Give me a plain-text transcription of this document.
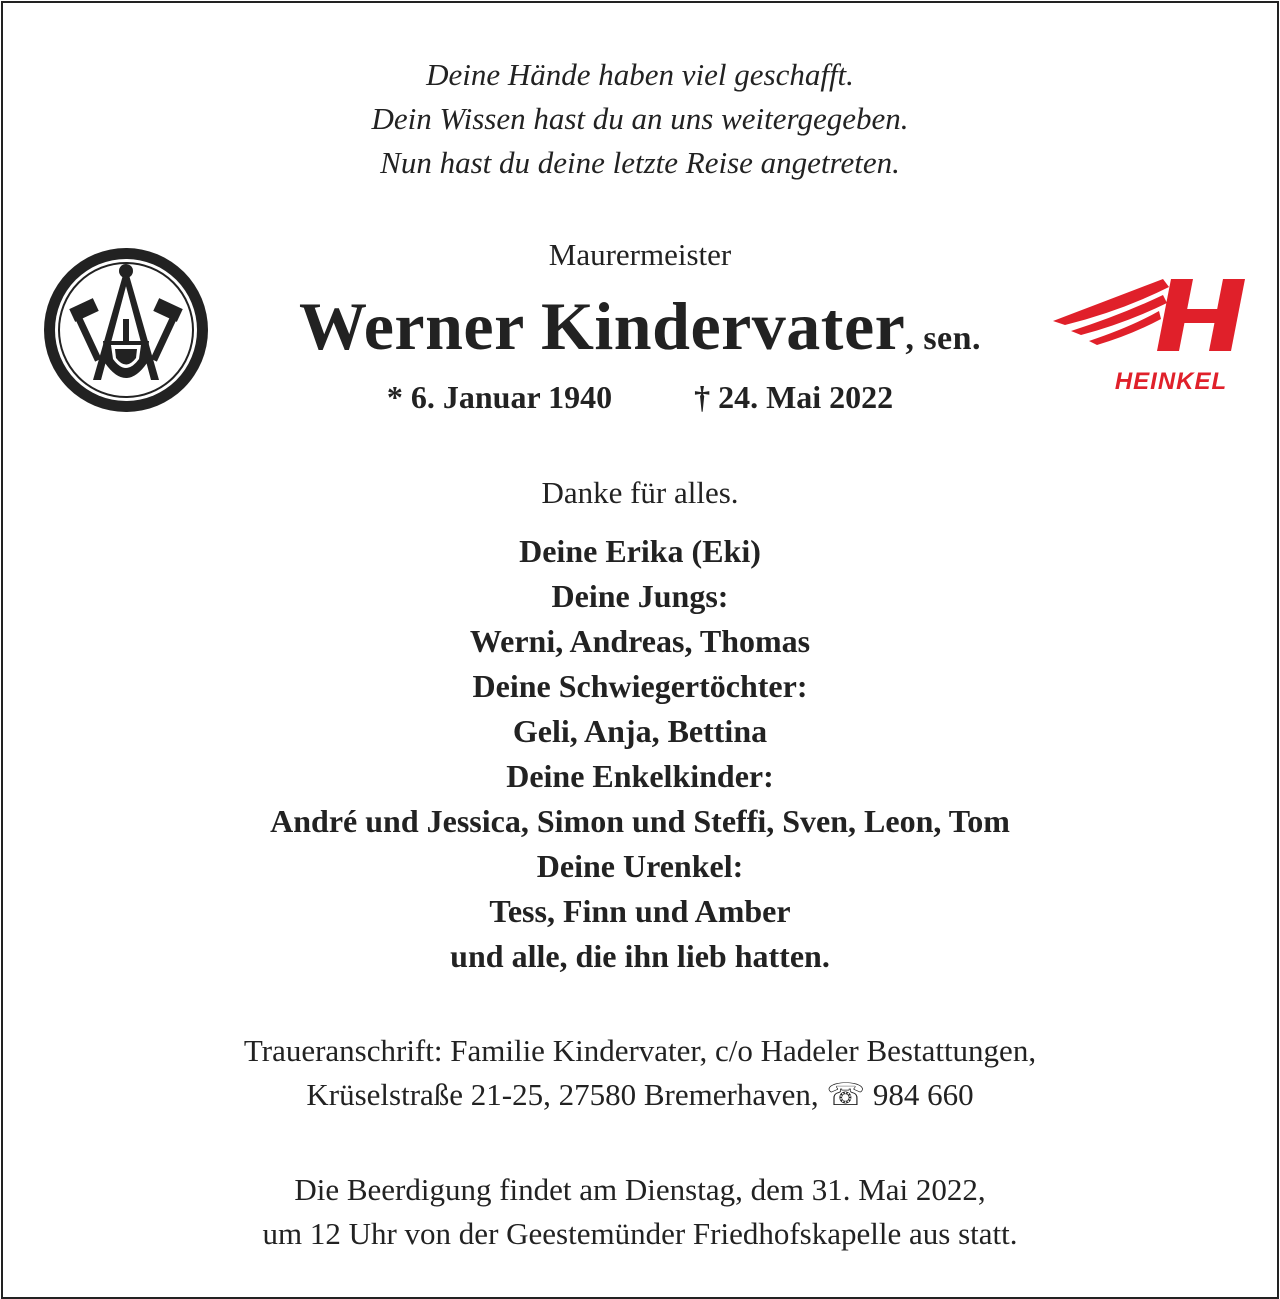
Deine Hände haben viel geschafft.
Dein Wissen hast du an uns weitergegeben.
Nun hast du deine letzte Reise angetreten.
Maurermeister
Werner Kindervater, sen.
* 6. Januar 1940	† 24. Mai 2022	HEINKEL
Danke für alles.
Deine Erika (Eki)
Deine Jungs:
Werni, Andreas, Thomas
Deine Schwiegertöchter:
Geli, Anja, Bettina
Deine Enkelkinder:
André und Jessica, Simon und Steffi, Sven, Leon, Tom
Deine Urenkel:
Tess, Finn und Amber
und alle, die ihn lieb hatten.
Traueranschrift: Familie Kindervater, c/o Hadeler Bestattungen,
Krüselstraße 21-25, 27580 Bremerhaven, ☏ 984 660
Die Beerdigung findet am Dienstag, dem 31. Mai 2022,
um 12 Uhr von der Geestemünder Friedhofskapelle aus statt.
